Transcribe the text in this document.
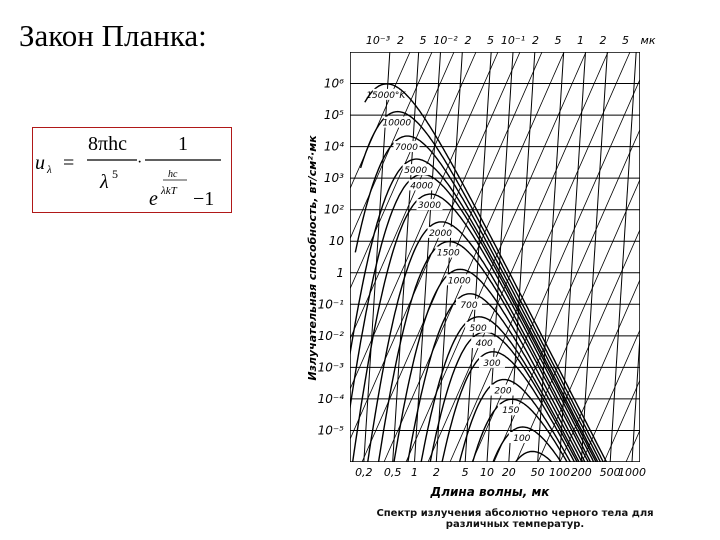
Закон Планка:
u λ =
8πhc
λ 5
·
1
hc
e λkT −1
15000°K
10000
7000
5000
4000
3000
2000
1500
1000
700
500
400
300
200
150
100
10⁶
10⁵
10⁴
10³
10²
10
1
10⁻¹
10⁻²
10⁻³
10⁻⁴
10⁻⁵
0,2 0,5 1 2 5 10 20 50 100 200 500
1000
10⁻³ 2 5 10⁻² 2 5 10⁻¹ 2 5 1 2 5 мк
Длина волны, мк
Излучательная способность, вт/см²·мк
Спектр излучения абсолютно черного тела для
различных температур.
